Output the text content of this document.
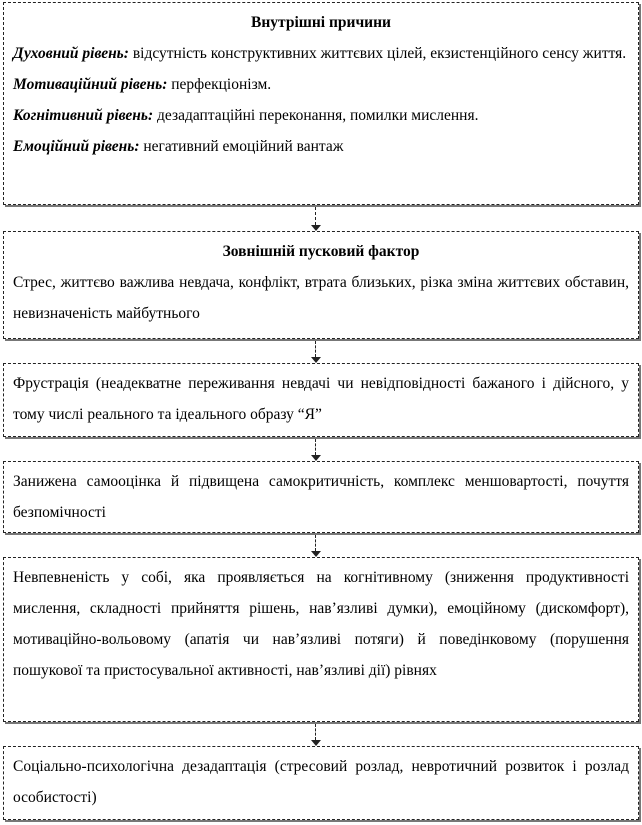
Внутрішні причини
Духовний рівень: відсутність конструктивних життєвих цілей, екзистенційного сенсу життя.
Мотиваційний рівень: перфекціонізм.
Когнітивний рівень: дезадаптаційні переконання, помилки мислення.
Емоційний рівень: негативний емоційний вантаж
Зовнішній пусковий фактор
Стрес, життєво важлива невдача, конфлікт, втрата близьких, різка зміна життєвих обставин, невизначеність майбутнього
Фрустрація (неадекватне переживання невдачі чи невідповідності бажаного і дійсного, у тому числі реального та ідеального образу “Я”
Занижена самооцінка й підвищена самокритичність, комплекс меншовартості, почуття безпомічності
Невпевненість у собі, яка проявляється на когнітивному (зниження продуктивності мислення, складності прийняття рішень, нав’язливі думки), емоційному (дискомфорт), мотиваційно-вольовому (апатія чи нав’язливі потяги) й поведінковому (порушення пошукової та пристосувальної активності, нав’язливі дії) рівнях
Соціально-психологічна дезадаптація (стресовий розлад, невротичний розвиток і розлад особистості)
